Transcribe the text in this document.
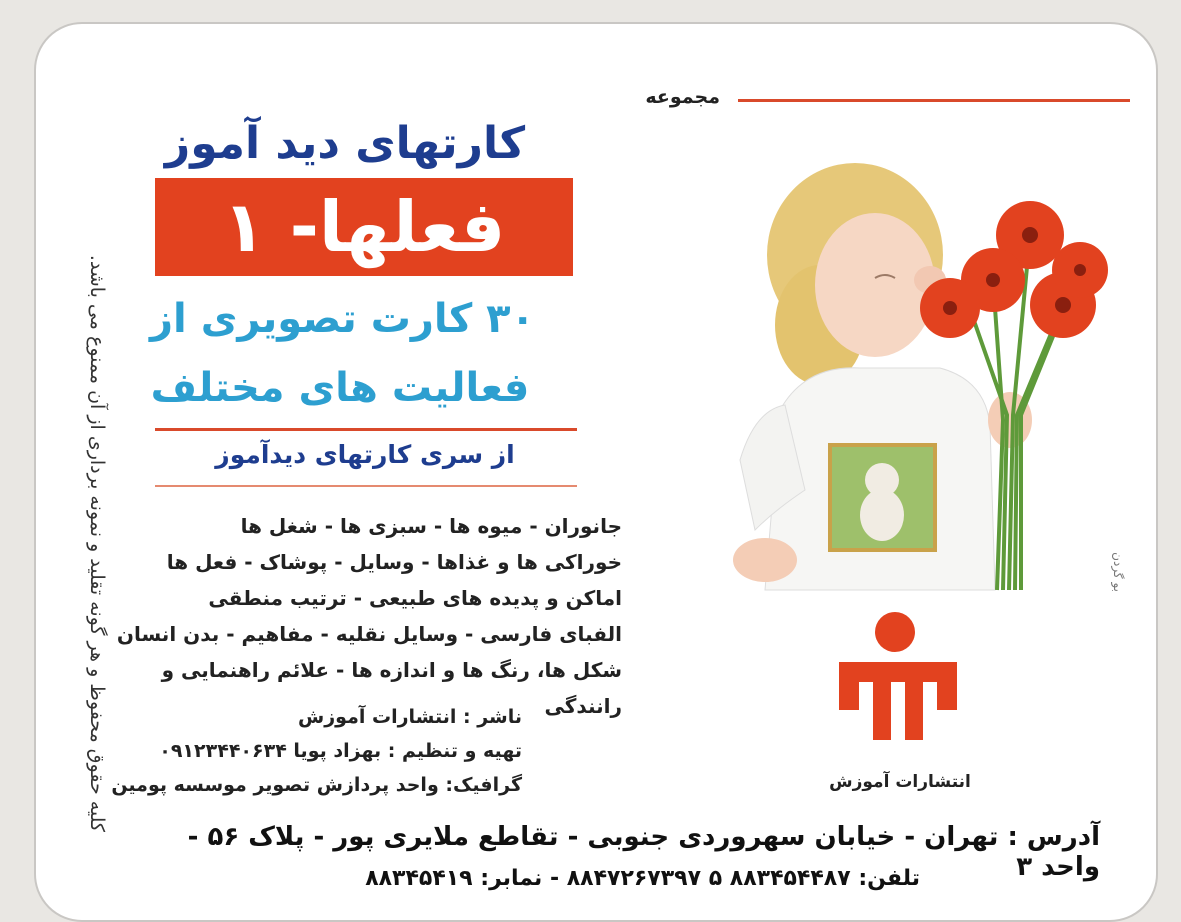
مجموعه
کارتهای دید آموز
فعلها- ۱
۳۰ کارت تصویری از
فعالیت های مختلف
از سری کارتهای دیدآموز
جانوران - میوه ها - سبزی ها - شغل ها
خوراکی ها و غذاها - وسایل - پوشاک - فعل ها
اماکن و پدیده های طبیعی - ترتیب منطقی
الفبای فارسی - وسایل نقلیه - مفاهیم - بدن انسان
شکل ها، رنگ ها و اندازه ها - علائم راهنمایی و رانندگی
ناشر : انتشارات آموزش
تهیه و تنظیم : بهزاد پویا ۰۹۱۲۳۴۴۰۶۳۴
گرافیک: واحد پردازش تصویر موسسه پومین
آدرس : تهران - خیابان سهروردی جنوبی - تقاطع ملایری پور - پلاک ۵۶ - واحد ۳
تلفن: ۸۸۳۴۵۴۴۸۷ ۵ ۸۸۴۷۲۶۷۳۹۷ - نمابر: ۸۸۳۴۵۴۱۹
کلیه حقوق محفوظ و هر گونه تقلید و نمونه برداری از آن ممنوع می باشد.	بو گردن
انتشارات آموزش
